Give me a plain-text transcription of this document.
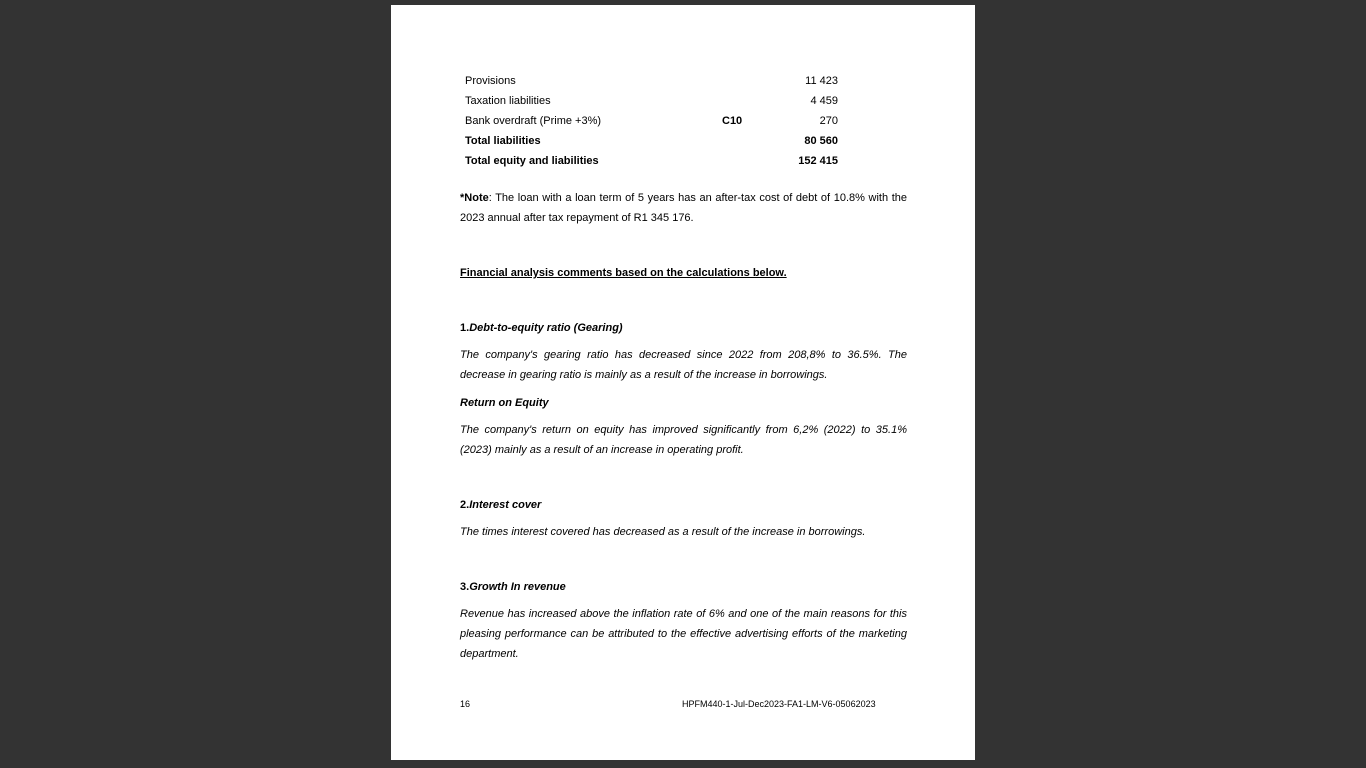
Provisions	11 423
Taxation liabilities	4 459
Bank overdraft (Prime +3%)	C10	270
Total liabilities	80 560
Total equity and liabilities	152 415

*Note: The loan with a loan term of 5 years has an after-tax cost of debt of 10.8% with the 2023 annual after tax repayment of R1 345 176.

Financial analysis comments based on the calculations below.

1.Debt-to-equity ratio (Gearing)

The company's gearing ratio has decreased since 2022 from 208,8% to 36.5%. The decrease in gearing ratio is mainly as a result of the increase in borrowings.

Return on Equity

The company's return on equity has improved significantly from 6,2% (2022) to 35.1% (2023) mainly as a result of an increase in operating profit.

2.Interest cover

The times interest covered has decreased as a result of the increase in borrowings.

3.Growth In revenue

Revenue has increased above the inflation rate of 6% and one of the main reasons for this pleasing performance can be attributed to the effective advertising efforts of the marketing department.

16	HPFM440-1-Jul-Dec2023-FA1-LM-V6-05062023
